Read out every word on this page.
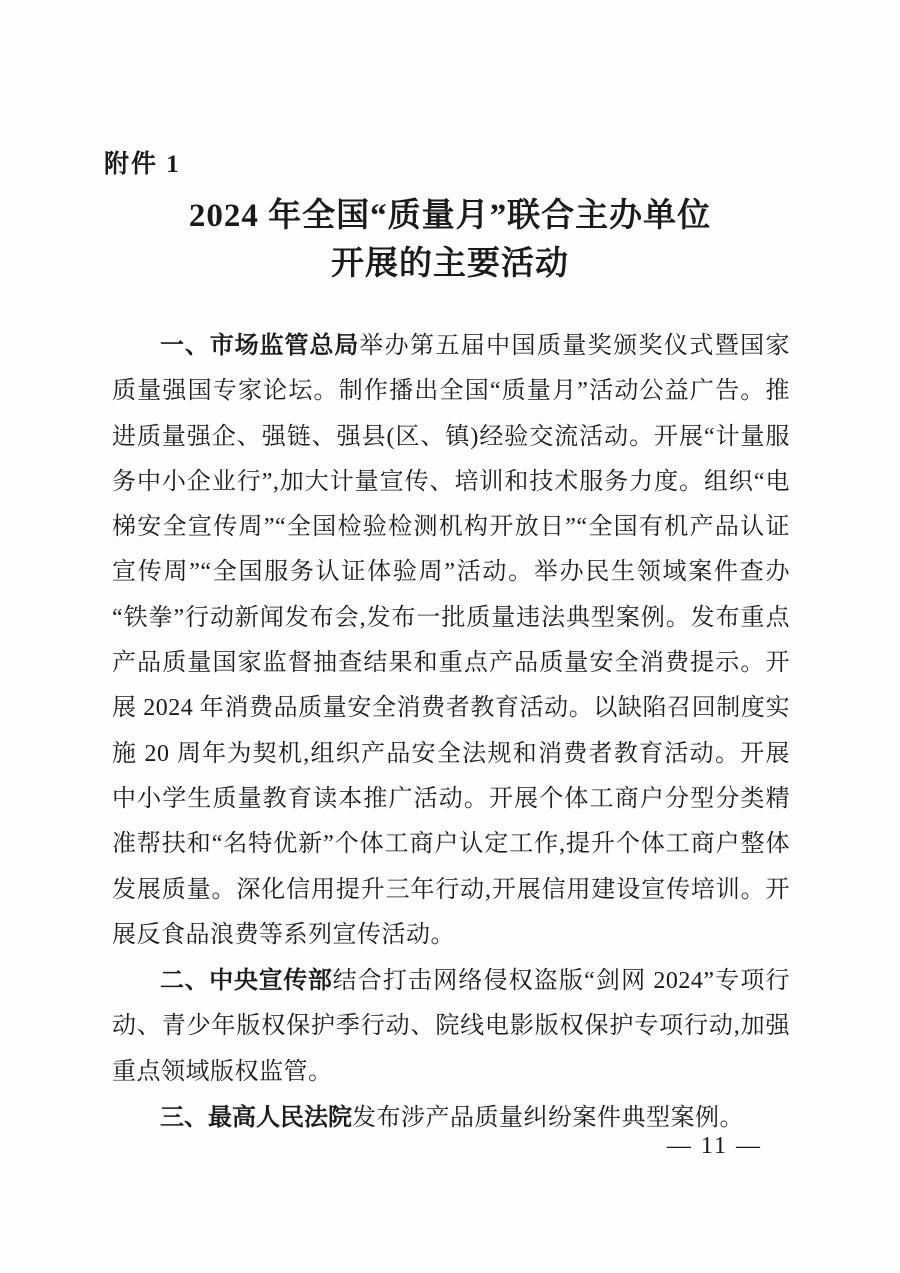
附件 1
2024 年全国“质量月”联合主办单位
开展的主要活动

一、市场监管总局举办第五届中国质量奖颁奖仪式暨国家质量强国专家论坛。制作播出全国“质量月”活动公益广告。推进质量强企、强链、强县(区、镇)经验交流活动。开展“计量服务中小企业行”,加大计量宣传、培训和技术服务力度。组织“电梯安全宣传周”“全国检验检测机构开放日”“全国有机产品认证宣传周”“全国服务认证体验周”活动。举办民生领域案件查办“铁拳”行动新闻发布会,发布一批质量违法典型案例。发布重点产品质量国家监督抽查结果和重点产品质量安全消费提示。开展 2024 年消费品质量安全消费者教育活动。以缺陷召回制度实施 20 周年为契机,组织产品安全法规和消费者教育活动。开展中小学生质量教育读本推广活动。开展个体工商户分型分类精准帮扶和“名特优新”个体工商户认定工作,提升个体工商户整体发展质量。深化信用提升三年行动,开展信用建设宣传培训。开展反食品浪费等系列宣传活动。

二、中央宣传部结合打击网络侵权盗版“剑网 2024”专项行动、青少年版权保护季行动、院线电影版权保护专项行动,加强重点领域版权监管。

三、最高人民法院发布涉产品质量纠纷案件典型案例。

— 11 —
